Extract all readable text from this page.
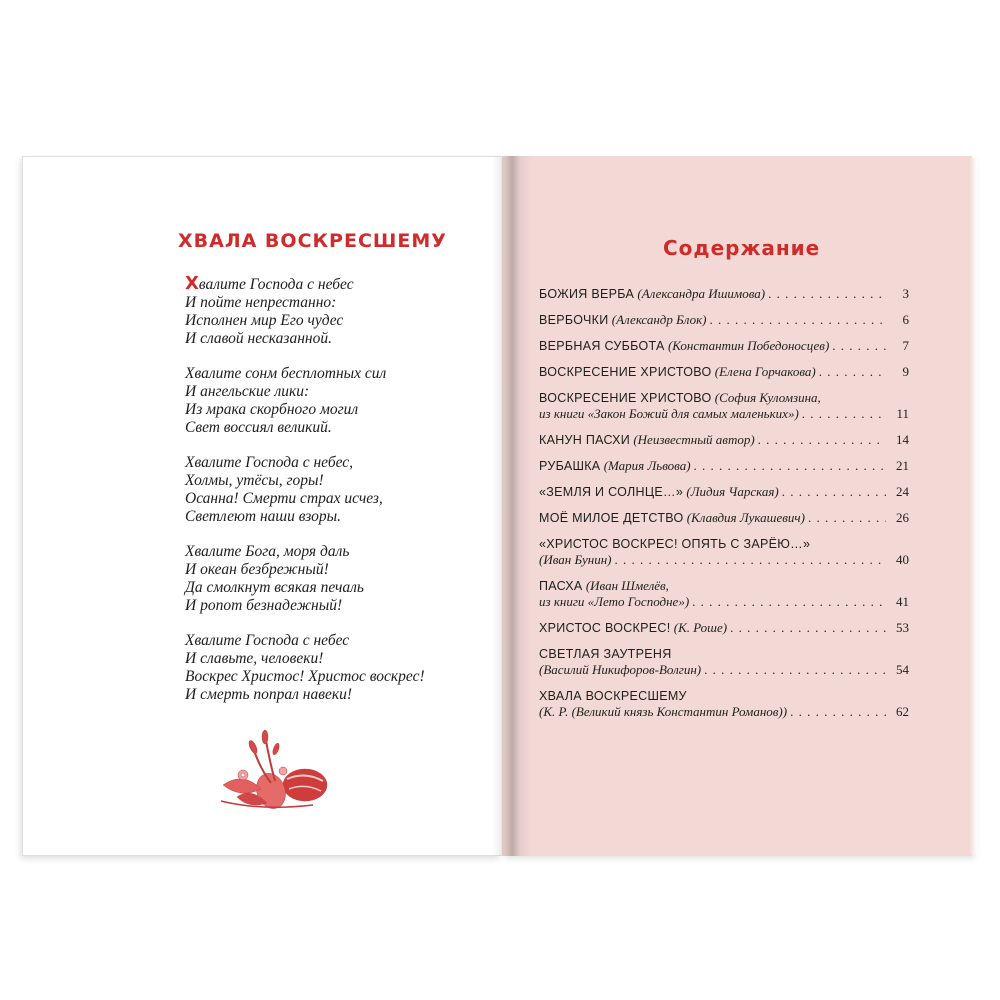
ХВАЛА ВОСКРЕСШЕМУ
Хвалите Господа с небес
И пойте непрестанно:
Исполнен мир Его чудес
И славой несказанной.
Хвалите сонм бесплотных сил
И ангельские лики:
Из мрака скорбного могил
Свет воссиял великий.
Хвалите Господа с небес,
Холмы, утёсы, горы!
Осанна! Смерти страх исчез,
Светлеют наши взоры.
Хвалите Бога, моря даль
И океан безбрежный!
Да смолкнут всякая печаль
И ропот безнадежный!
Хвалите Господа с небес
И славьте, человеки!
Воскрес Христос! Христос воскрес!
И смерть попрал навеки!
Содержание
БОЖИЯ ВЕРБА (Александра Ишимова) . . .	3
ВЕРБОЧКИ (Александр Блок) . . .	6
ВЕРБНАЯ СУББОТА (Константин Победоносцев) . . .	7
ВОСКРЕСЕНИЕ ХРИСТОВО (Елена Горчакова) . . .	9
ВОСКРЕСЕНИЕ ХРИСТОВО (София Куломзина,
из книги «Закон Божий для самых маленьких») . . .	11
КАНУН ПАСХИ (Неизвестный автор) . . .	14
РУБАШКА (Мария Львова) . . .	21
«ЗЕМЛЯ И СОЛНЦЕ…» (Лидия Чарская) . . .	24
МОЁ МИЛОЕ ДЕТСТВО (Клавдия Лукашевич) . . .	26
«ХРИСТОС ВОСКРЕС! ОПЯТЬ С ЗАРЁЮ…»
(Иван Бунин) . . .	40
ПАСХА (Иван Шмелёв,
из книги «Лето Господне») . . .	41
ХРИСТОС ВОСКРЕС! (К. Роше) . . .	53
СВЕТЛАЯ ЗАУТРЕНЯ
(Василий Никифоров-Волгин) . . .	54
ХВАЛА ВОСКРЕСШЕМУ
(К. Р. (Великий князь Константин Романов)) . . .	62
